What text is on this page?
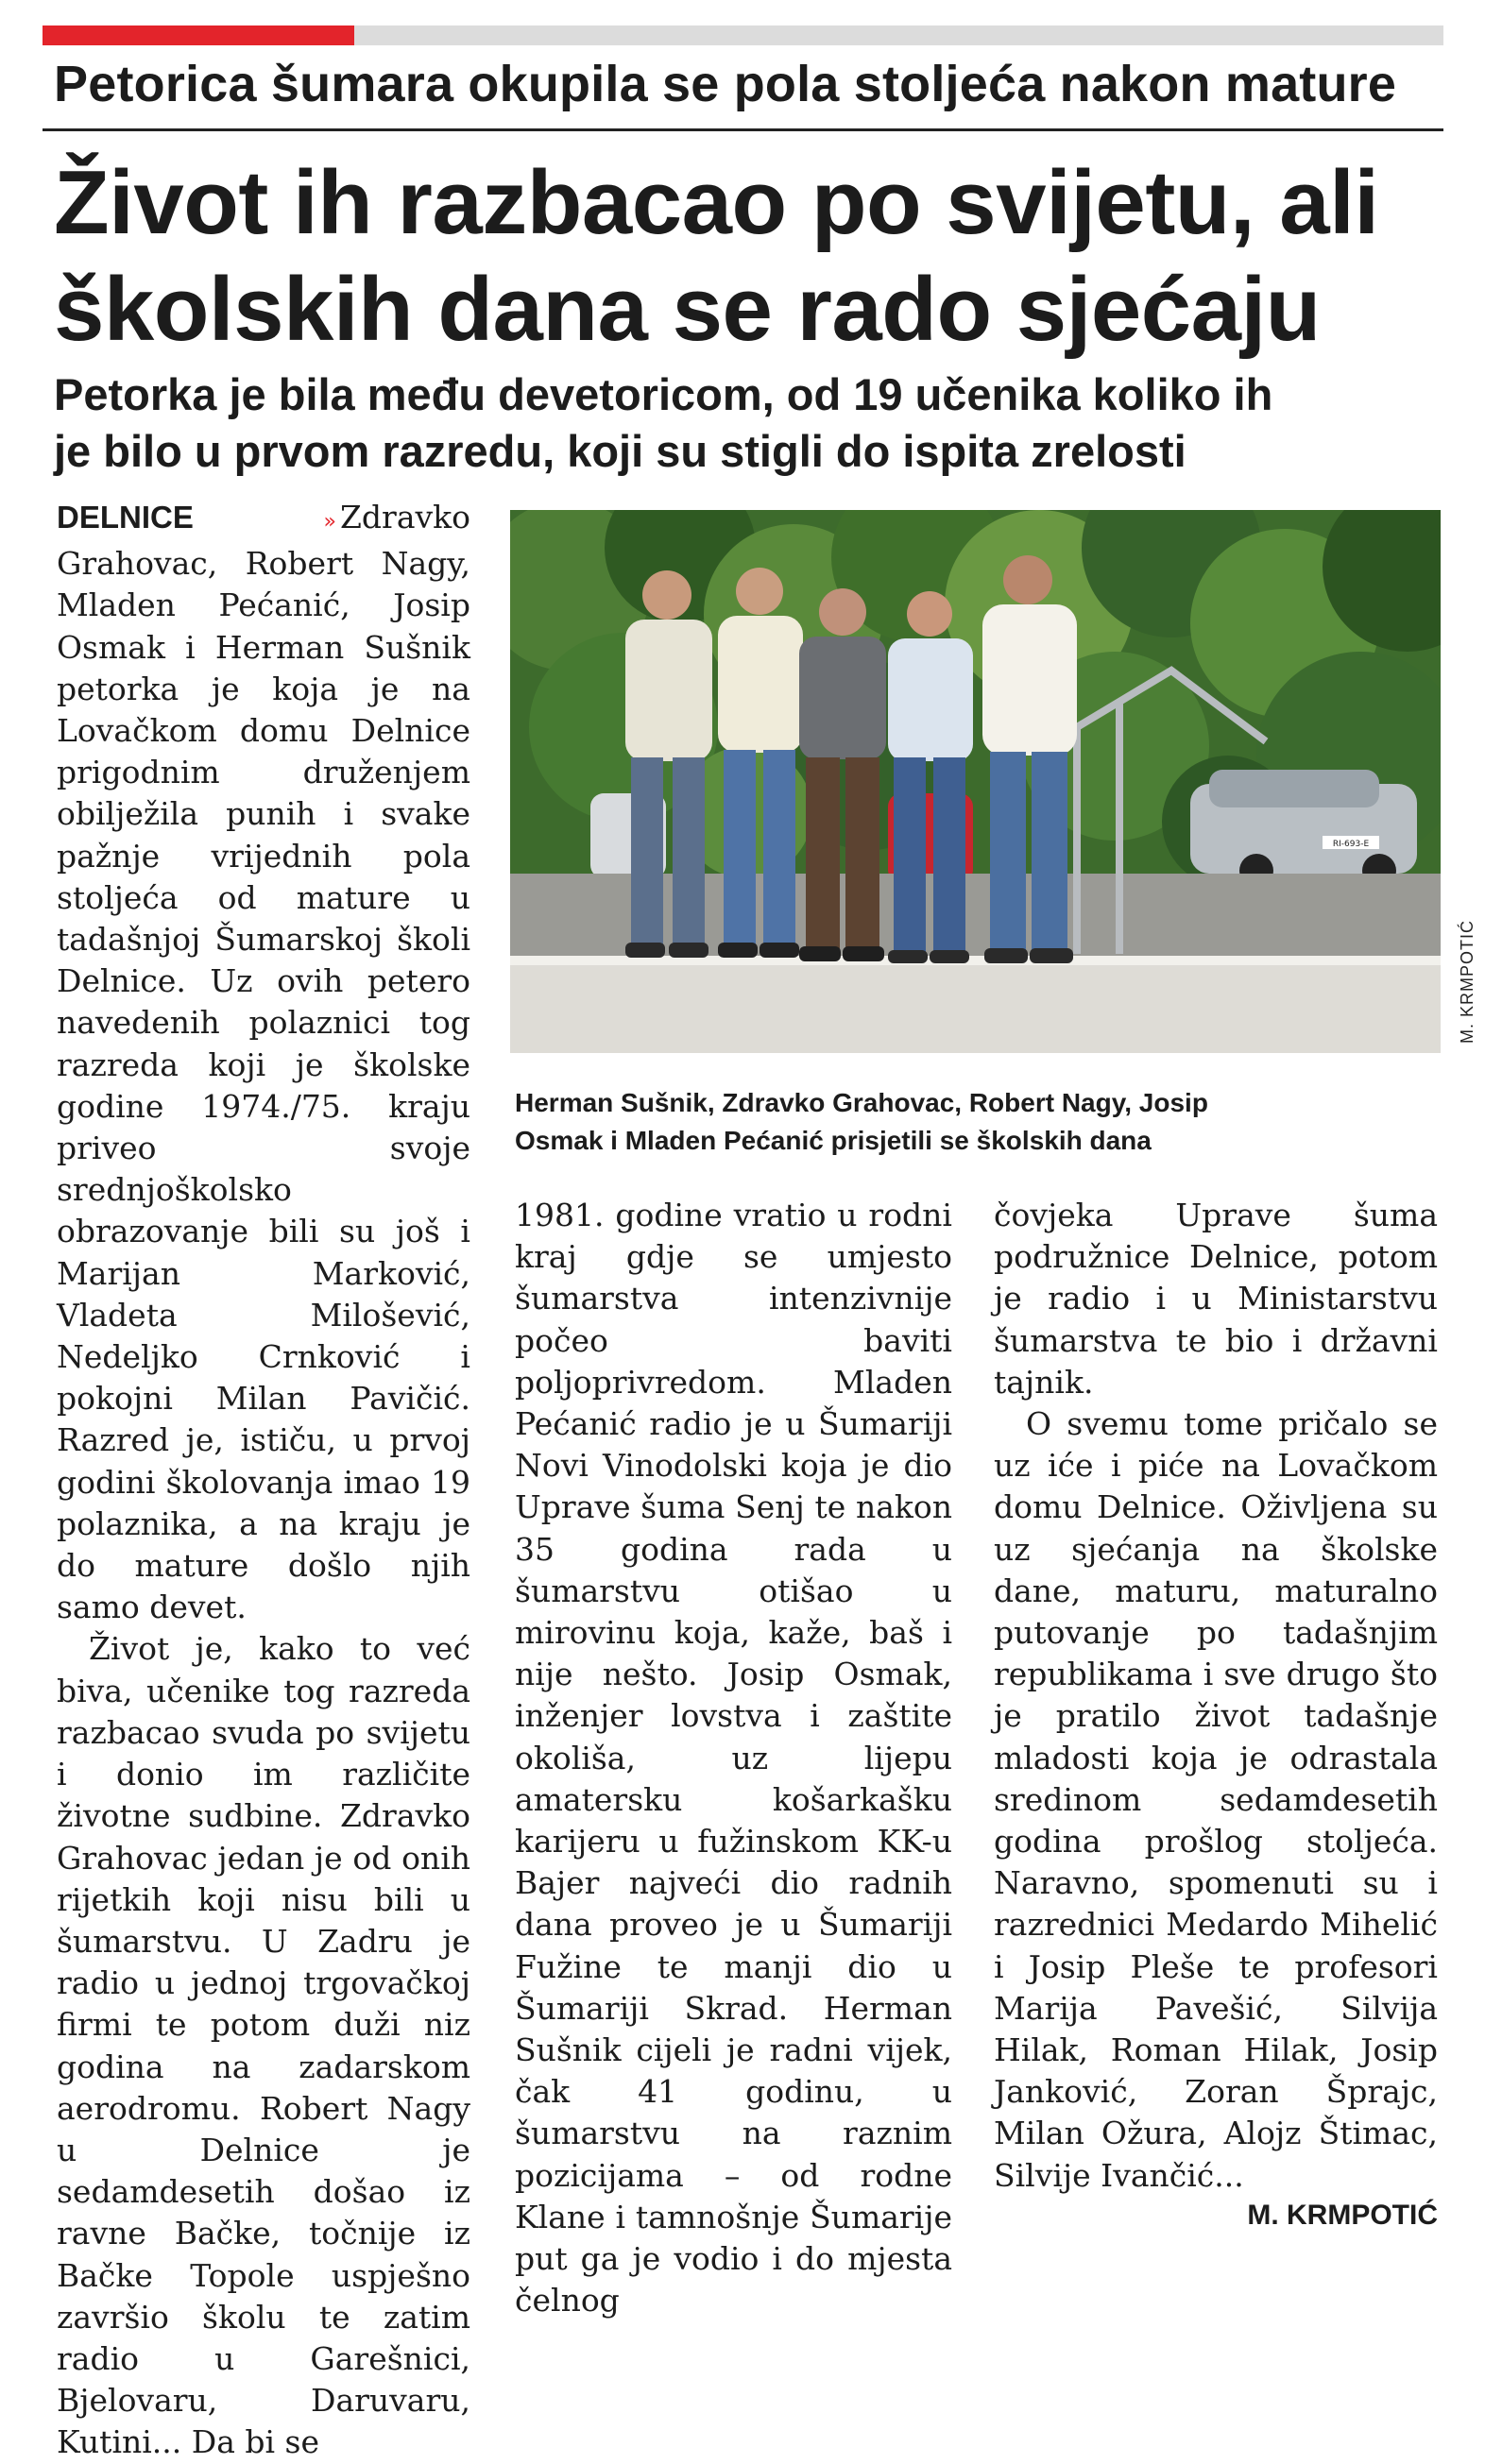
Petorica šumara okupila se pola stoljeća nakon mature
Život ih razbacao po svijetu, ali
školskih dana se rado sjećaju
Petorka je bila među devetoricom, od 19 učenika koliko ih
je bilo u prvom razredu, koji su stigli do ispita zrelosti

DELNICE	» Zdravko Grahovac, Robert Nagy, Mladen Pećanić, Josip Osmak i Herman Sušnik petorka je koja je na Lovačkom domu Delnice prigodnim druženjem obilježila punih i svake pažnje vrijednih pola stoljeća od mature u tadašnjoj Šumarskoj školi Delnice. Uz ovih petero navedenih polaznici tog razreda koji je školske godine 1974./75. kraju priveo svoje srednjoškolsko obrazovanje bili su još i Marijan Marković, Vladeta Milošević, Nedeljko Crnković i pokojni Milan Pavičić. Razred je, ističu, u prvoj godini školovanja imao 19 polaznika, a na kraju je do mature došlo njih samo devet.

Život je, kako to već biva, učenike tog razreda razbacao svuda po svijetu i donio im različite životne sudbine. Zdravko Grahovac jedan je od onih rijetkih koji nisu bili u šumarstvu. U Zadru je radio u jednoj trgovačkoj firmi te potom duži niz godina na zadarskom aerodromu. Robert Nagy u Delnice je sedamdesetih došao iz ravne Bačke, točnije iz Bačke Topole uspješno završio školu te zatim radio u Garešnici, Bjelovaru, Daruvaru, Kutini... Da bi se

RI-693-E
M. KRMPOTIĆ
Herman Sušnik, Zdravko Grahovac, Robert Nagy, Josip
Osmak i Mladen Pećanić prisjetili se školskih dana

1981. godine vratio u rodni kraj gdje se umjesto šumarstva intenzivnije počeo baviti poljoprivredom. Mladen Pećanić radio je u Šumariji Novi Vinodolski koja je dio Uprave šuma Senj te nakon 35 godina rada u šumarstvu otišao u mirovinu koja, kaže, baš i nije nešto. Josip Osmak, inženjer lovstva i zaštite okoliša, uz lijepu amatersku košarkašku karijeru u fužinskom KK-u Bajer najveći dio radnih dana proveo je u Šumariji Fužine te manji dio u Šumariji Skrad. Herman Sušnik cijeli je radni vijek, čak 41 godinu, u šumarstvu na raznim pozicijama – od rodne Klane i tamnošnje Šumarije put ga je vodio i do mjesta čelnog

čovjeka Uprave šuma podružnice Delnice, potom je radio i u Ministarstvu šumarstva te bio i državni tajnik.

O svemu tome pričalo se uz iće i piće na Lovačkom domu Delnice. Oživljena su uz sjećanja na školske dane, maturu, maturalno putovanje po tadašnjim republikama i sve drugo što je pratilo život tadašnje mladosti koja je odrastala sredinom sedamdesetih godina prošlog stoljeća. Naravno, spomenuti su i razrednici Medardo Mihelić i Josip Pleše te profesori Marija Pavešić, Silvija Hilak, Roman Hilak, Josip Janković, Zoran Šprajc, Milan Ožura, Alojz Štimac, Silvije Ivančić...

M. KRMPOTIĆ
